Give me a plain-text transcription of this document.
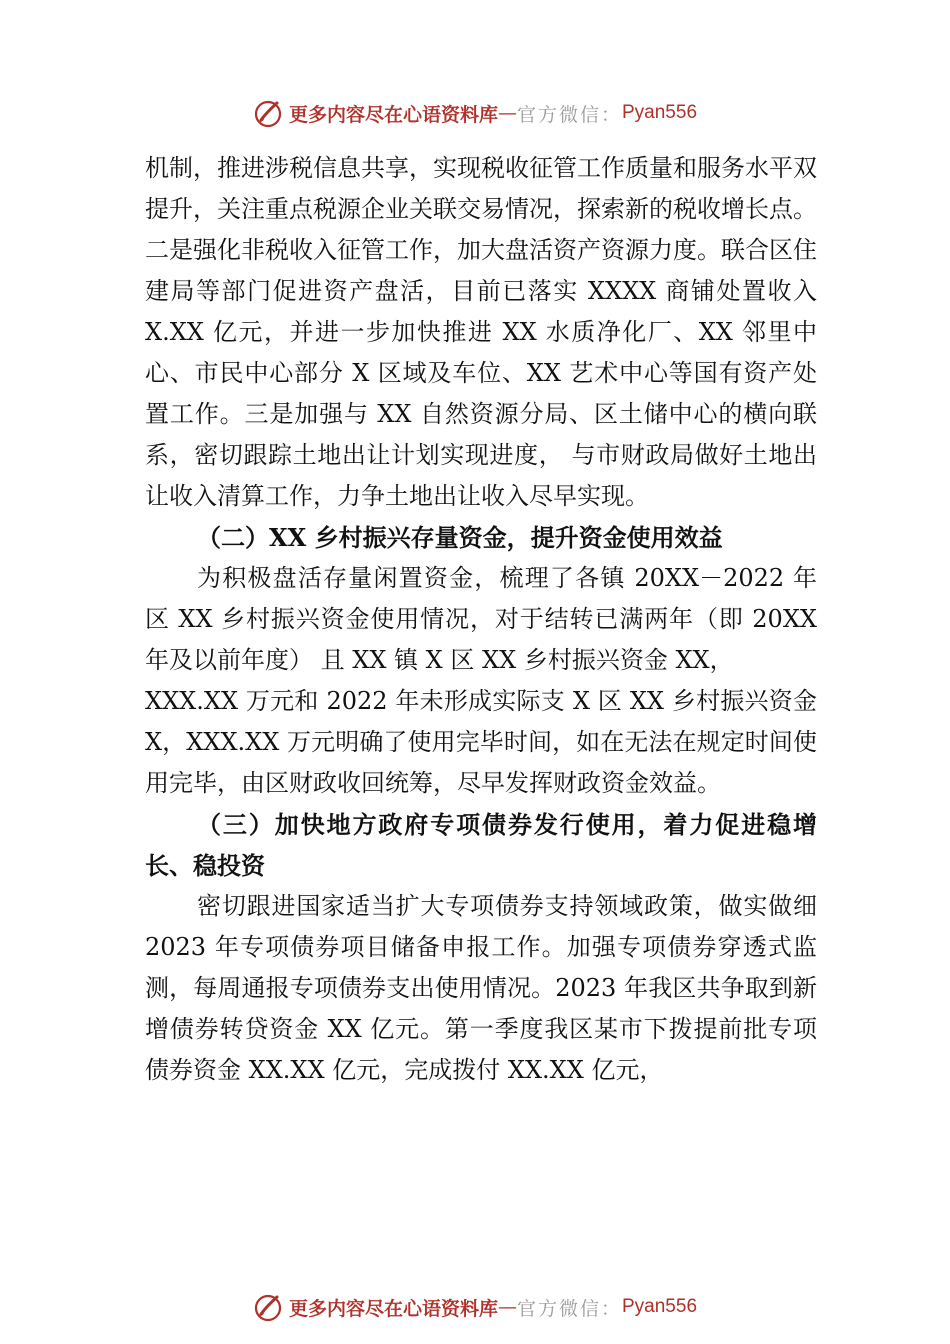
更多内容尽在心语资料库 — 官方微信： Pyan556

机制，推进涉税信息共享，实现税收征管工作质量和服务水平双提升，关注重点税源企业关联交易情况，探索新的税收增长点。二是强化非税收入征管工作，加大盘活资产资源力度。联合区住建局等部门促进资产盘活，目前已落实 XXXX 商铺处置收入 X.XX 亿元，并进一步加快推进 XX 水质净化厂、XX 邻里中心、市民中心部分 X 区域及车位、XX 艺术中心等国有资产处置工作。三是加强与 XX 自然资源分局、区土储中心的横向联系，密切跟踪土地出让计划实现进度， 与市财政局做好土地出让收入清算工作，力争土地出让收入尽早实现。

（二）XX 乡村振兴存量资金，提升资金使用效益

为积极盘活存量闲置资金，梳理了各镇 20XX－2022 年区 XX 乡村振兴资金使用情况，对于结转已满两年（即 20XX 年及以前年度） 且 XX 镇 X 区 XX 乡村振兴资金 XX，

XXX.XX 万元和 2022 年未形成实际支 X 区 XX 乡村振兴资金 X，XXX.XX 万元明确了使用完毕时间，如在无法在规定时间使用完毕，由区财政收回统筹，尽早发挥财政资金效益。

（三）加快地方政府专项债券发行使用，着力促进稳增长、稳投资

密切跟进国家适当扩大专项债券支持领域政策，做实做细 2023 年专项债券项目储备申报工作。加强专项债券穿透式监测，每周通报专项债券支出使用情况。2023 年我区共争取到新增债券转贷资金 XX 亿元。第一季度我区某市下拨提前批专项债券资金 XX.XX 亿元，完成拨付 XX.XX 亿元，

更多内容尽在心语资料库 — 官方微信： Pyan556
